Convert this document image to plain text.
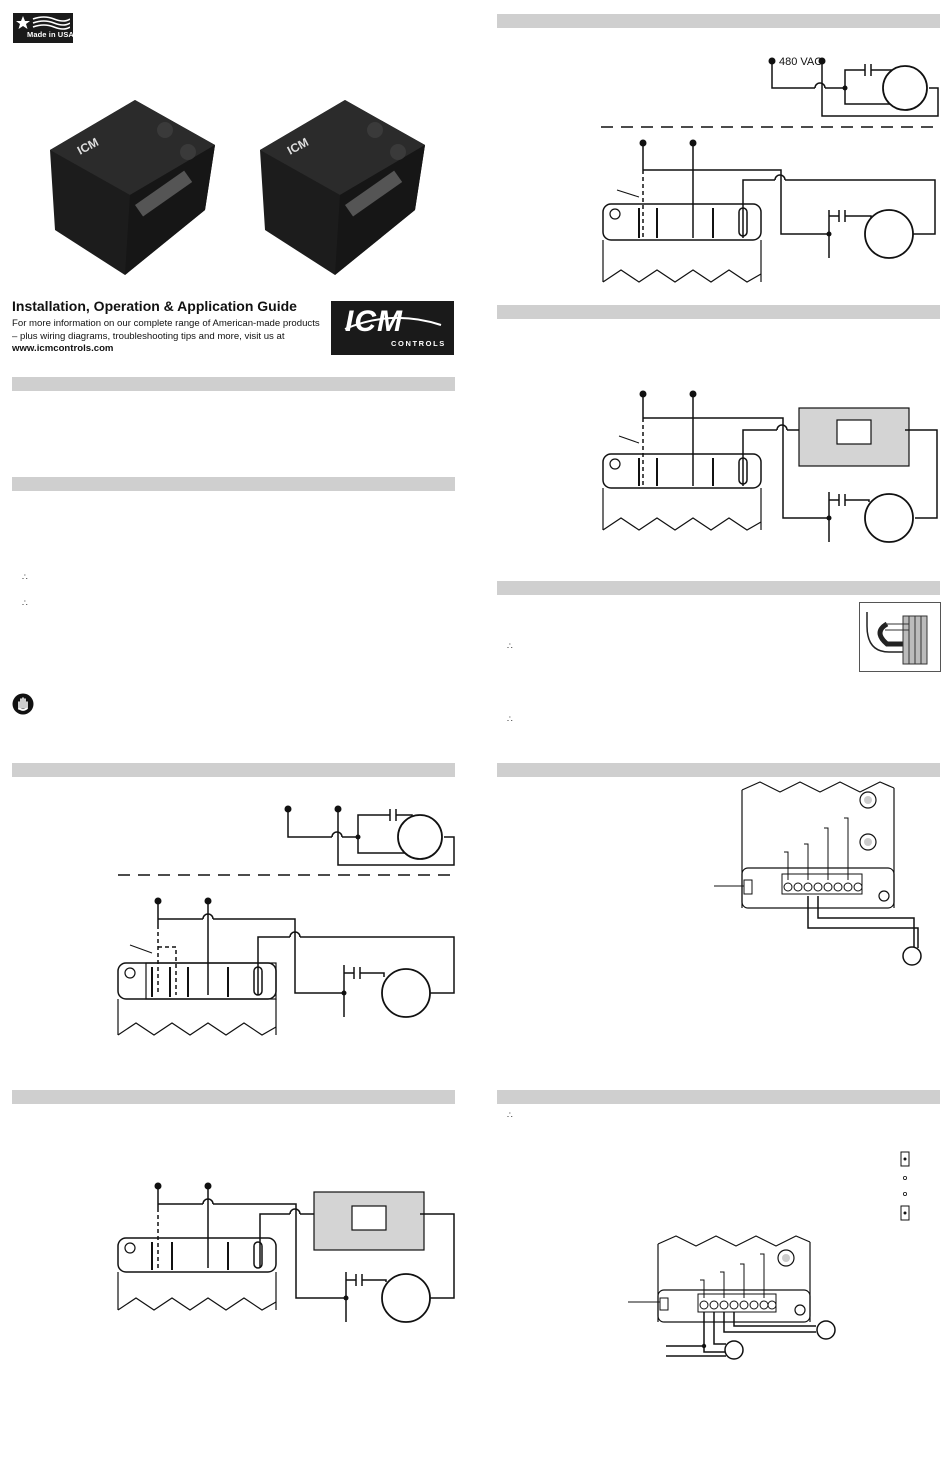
Made in USA
ICM	ICM
Installation, Operation & Application Guide
For more information on our complete range of American-made products – plus wiring diagrams, troubleshooting tips and more, visit us at www.icmcontrols.com
ICM
CONTROLS
∴
∴
480 VAC
∴
∴
∴
